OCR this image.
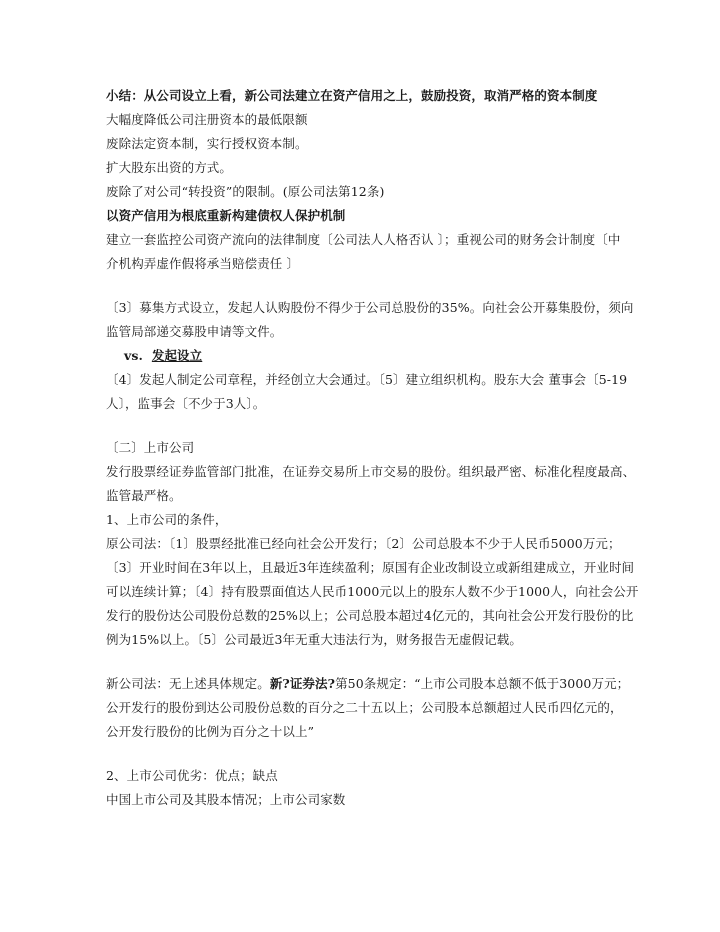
小结：从公司设立上看，新公司法建立在资产信用之上，鼓励投资，取消严格的资本制度
大幅度降低公司注册资本的最低限额
废除法定资本制，实行授权资本制。
扩大股东出资的方式。
废除了对公司“转投资”的限制。(原公司法第12条)
以资产信用为根底重新构建债权人保护机制
建立一套监控公司资产流向的法律制度〔公司法人人格否认 〕；重视公司的财务会计制度〔中
介机构弄虚作假将承当赔偿责任 〕
〔3〕募集方式设立，发起人认购股份不得少于公司总股份的35%。向社会公开募集股份，须向
监管局部递交募股申请等文件。
vs. 发起设立
〔4〕发起人制定公司章程，并经创立大会通过。〔5〕建立组织机构。股东大会 董事会〔5-19
人〕，监事会〔不少于3人〕。
〔二〕上市公司
发行股票经证券监管部门批准，在证券交易所上市交易的股份。组织最严密、标准化程度最高、
监管最严格。
1、上市公司的条件，
原公司法：〔1〕股票经批准已经向社会公开发行；〔2〕公司总股本不少于人民币5000万元；
〔3〕开业时间在3年以上，且最近3年连续盈利；原国有企业改制设立或新组建成立，开业时间
可以连续计算；〔4〕持有股票面值达人民币1000元以上的股东人数不少于1000人，向社会公开
发行的股份达公司股份总数的25%以上；公司总股本超过4亿元的，其向社会公开发行股份的比
例为15%以上。〔5〕公司最近3年无重大违法行为，财务报告无虚假记载。
新公司法：无上述具体规定。新?证券法?第50条规定：“上市公司股本总额不低于3000万元；
公开发行的股份到达公司股份总数的百分之二十五以上；公司股本总额超过人民币四亿元的，
公开发行股份的比例为百分之十以上”
2、上市公司优劣：优点；缺点
中国上市公司及其股本情况；上市公司家数
